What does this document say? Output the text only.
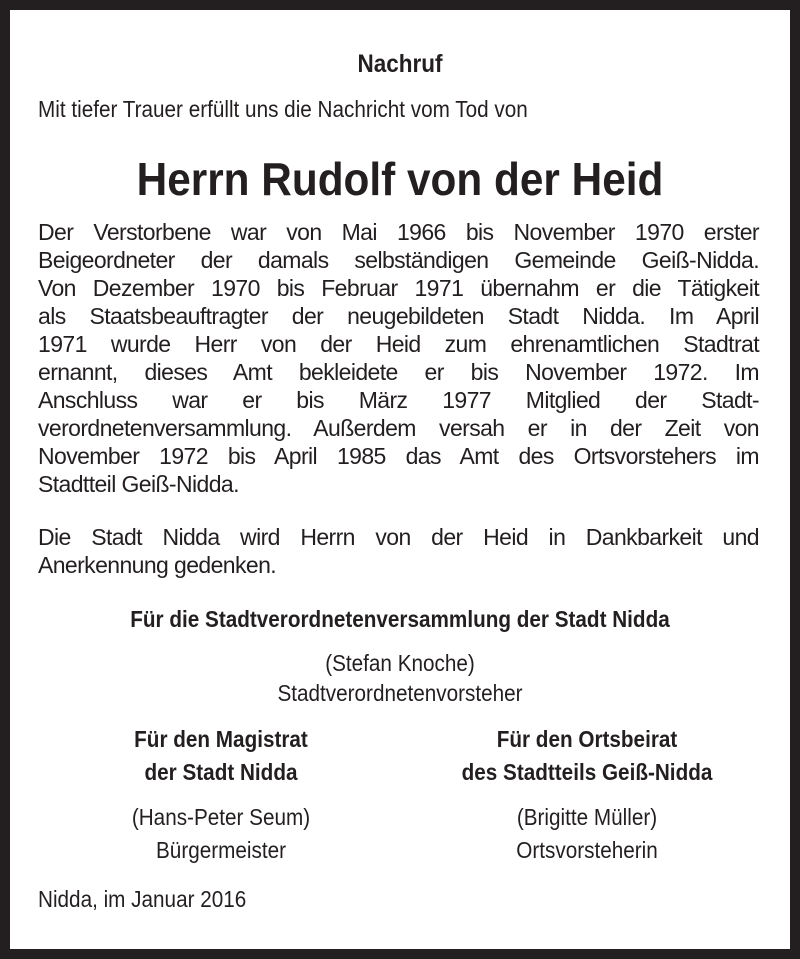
Nachruf
Mit tiefer Trauer erfüllt uns die Nachricht vom Tod von
Herrn Rudolf von der Heid
Der Verstorbene war von Mai 1966 bis November 1970 erster
Beigeordneter der damals selbständigen Gemeinde Geiß-Nidda.
Von Dezember 1970 bis Februar 1971 übernahm er die Tätigkeit
als Staatsbeauftragter der neugebildeten Stadt Nidda. Im April
1971 wurde Herr von der Heid zum ehrenamtlichen Stadtrat
ernannt, dieses Amt bekleidete er bis November 1972. Im
Anschluss war er bis März 1977 Mitglied der Stadt-
verordnetenversammlung. Außerdem versah er in der Zeit von
November 1972 bis April 1985 das Amt des Ortsvorstehers im
Stadtteil Geiß-Nidda.
Die Stadt Nidda wird Herrn von der Heid in Dankbarkeit und
Anerkennung gedenken.
Für die Stadtverordnetenversammlung der Stadt Nidda
(Stefan Knoche)
Stadtverordnetenvorsteher
Für den Magistrat
der Stadt Nidda
(Hans-Peter Seum)
Bürgermeister
Für den Ortsbeirat
des Stadtteils Geiß-Nidda
(Brigitte Müller)
Ortsvorsteherin
Nidda, im Januar 2016
